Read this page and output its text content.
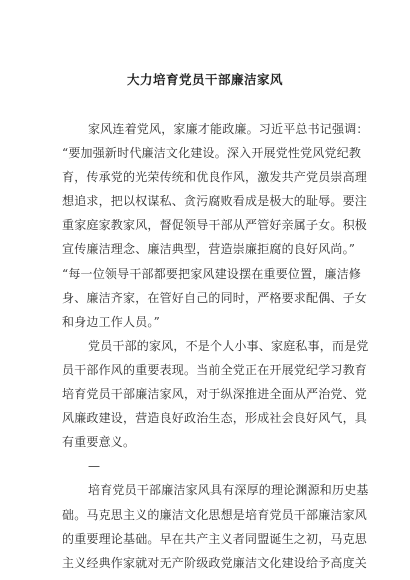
大力培育党员干部廉洁家风
家风连着党风，家廉才能政廉。习近平总书记强调：
“要加强新时代廉洁文化建设。深入开展党性党风党纪教
育，传承党的光荣传统和优良作风，激发共产党员崇高理
想追求，把以权谋私、贪污腐败看成是极大的耻辱。要注
重家庭家教家风，督促领导干部从严管好亲属子女。积极
宣传廉洁理念、廉洁典型，营造崇廉拒腐的良好风尚。”
“每一位领导干部都要把家风建设摆在重要位置，廉洁修
身、廉洁齐家，在管好自己的同时，严格要求配偶、子女
和身边工作人员。”
党员干部的家风，不是个人小事、家庭私事，而是党
员干部作风的重要表现。当前全党正在开展党纪学习教育
培育党员干部廉洁家风，对于纵深推进全面从严治党、党
风廉政建设，营造良好政治生态，形成社会良好风气，具
有重要意义。
—
培育党员干部廉洁家风具有深厚的理论渊源和历史基
础。马克思主义的廉洁文化思想是培育党员干部廉洁家风
的重要理论基础。早在共产主义者同盟诞生之初，马克思
主义经典作家就对无产阶级政党廉洁文化建设给予高度关
